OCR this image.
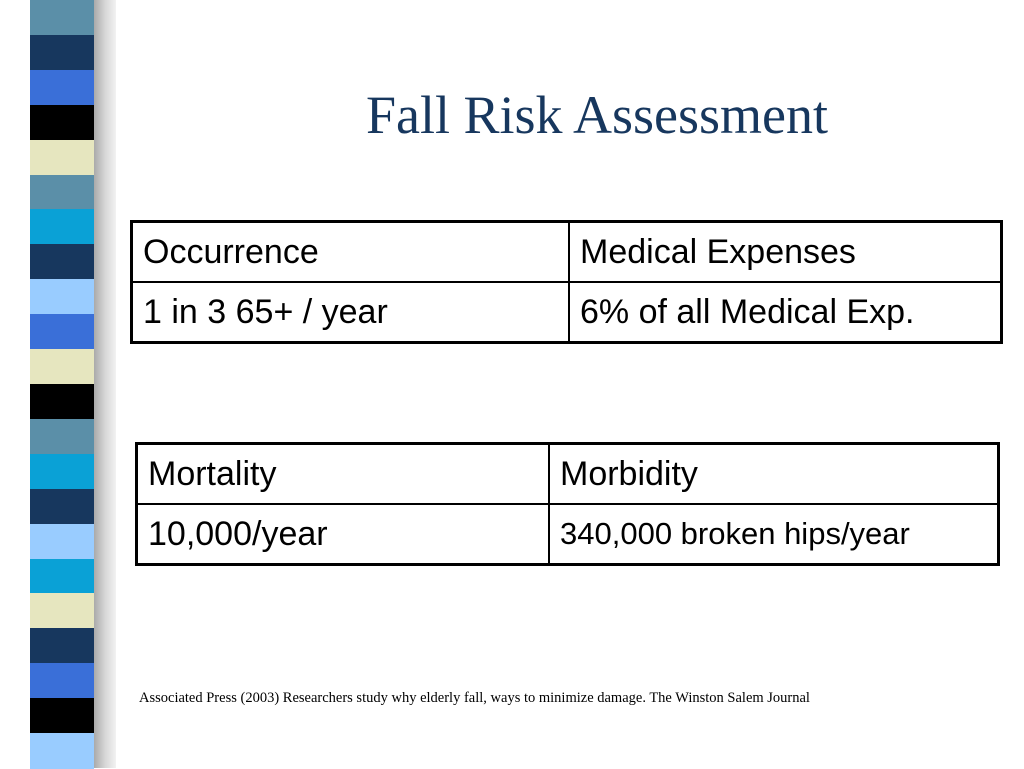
Fall Risk Assessment
Occurrence	Medical Expenses
1 in 3 65+ / year	6% of all Medical Exp.
Mortality	Morbidity
10,000/year	340,000 broken hips/year
Associated Press (2003) Researchers study why elderly fall, ways to minimize damage. The Winston Salem Journal
